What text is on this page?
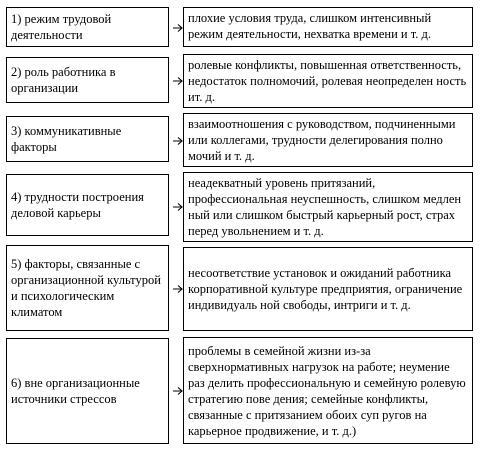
1) режим трудовой деятельности
плохие условия труда, слишком интенсивный режим деятельности, нехватка времени и т. д.
2) роль работника в организации
ролевые конфликты, повышенная ответственность, недостаток полномочий, ролевая неопределен ность ит. д.
3) коммуникативные факторы
взаимоотношения с руководством, подчиненными или коллегами, трудности делегирования полно мочий и т. д.
4) трудности построения деловой карьеры
неадекватный уровень притязаний, профессиональная неуспешность, слишком медлен ный или слишком быстрый карьерный рост, страх перед увольнением и т. д.
5) факторы, связанные с организационной культурой и психологическим климатом
несоответствие установок и ожиданий работника корпоративной культуре предприятия, ограничение индивидуаль ной свободы, интриги и т. д.
6) вне организационные источники стрессов
проблемы в семейной жизни из-за сверхнормативных нагрузок на работе; неумение раз делить профессиональную и семейную ролевую стратегию пове дения; семейные конфликты, связанные с притязанием обоих суп ругов на карьерное продвижение, и т. д.)
